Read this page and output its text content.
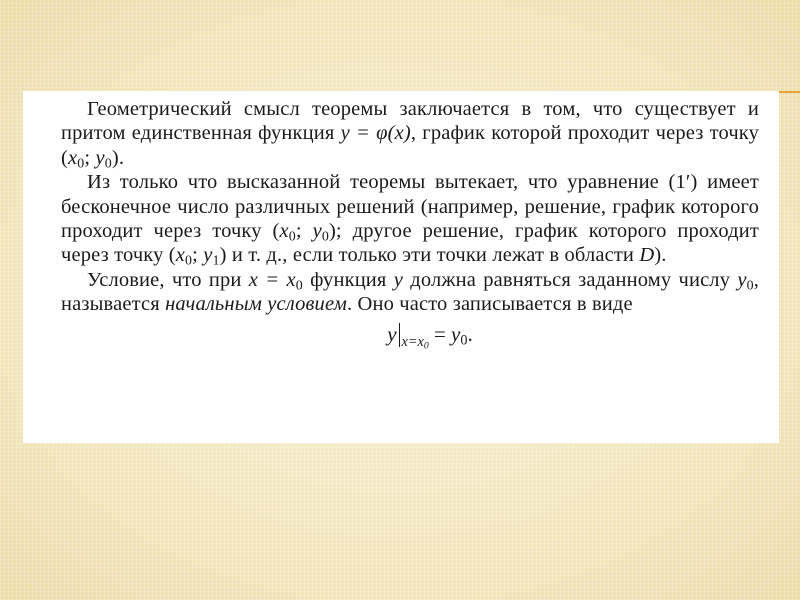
Геометрический смысл теоремы заключается в том, что существует и притом единственная функция y = φ(x), график которой проходит через точку ($x_0$; $y_0$).

Из только что высказанной теоремы вытекает, что уравнение (1′) имеет бесконечное число различных решений (например, решение, график которого проходит через точку ($x_0$; $y_0$); другое решение, график которого проходит через точку ($x_0$; $y_1$) и т. д., если только эти точки лежат в области D).

Условие, что при $x = x_0$ функция y должна равняться заданному числу $y_0$, называется начальным условием. Оно часто записывается в виде

y $_{x=x_0} = y_0$.
